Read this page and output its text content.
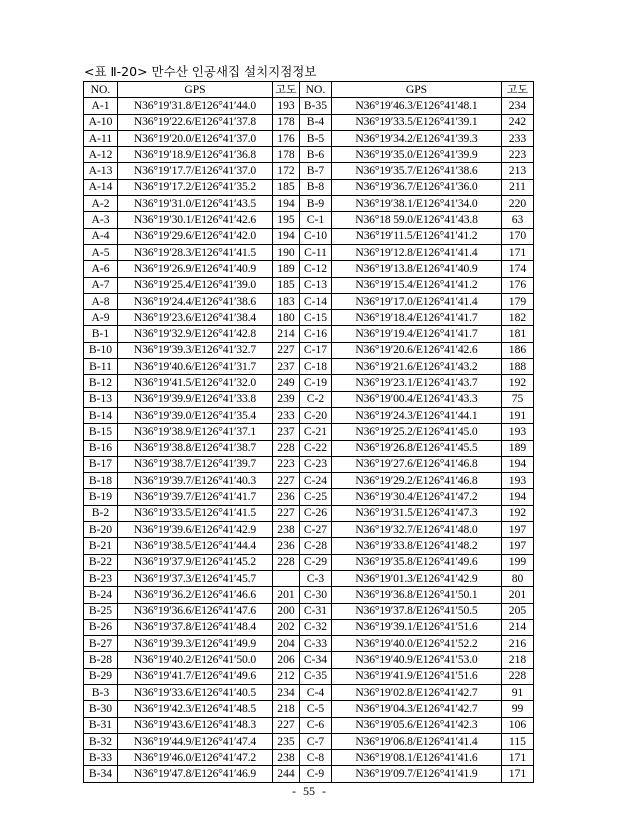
<표 Ⅱ-20> 만수산 인공새집 설치지점정보
NO.	GPS	고도	NO.	GPS	고도
A-1	N36°19′31.8/E126°41′44.0	193	B-35	N36°19′46.3/E126°41′48.1	234
A-10	N36°19′22.6/E126°41′37.8	178	B-4	N36°19′33.5/E126°41′39.1	242
A-11	N36°19′20.0/E126°41′37.0	176	B-5	N36°19′34.2/E126°41′39.3	233
A-12	N36°19′18.9/E126°41′36.8	178	B-6	N36°19′35.0/E126°41′39.9	223
A-13	N36°19′17.7/E126°41′37.0	172	B-7	N36°19′35.7/E126°41′38.6	213
A-14	N36°19′17.2/E126°41′35.2	185	B-8	N36°19′36.7/E126°41′36.0	211
A-2	N36°19′31.0/E126°41′43.5	194	B-9	N36°19′38.1/E126°41′34.0	220
A-3	N36°19′30.1/E126°41′42.6	195	C-1	N36°18 59.0/E126°41′43.8	63
A-4	N36°19′29.6/E126°41′42.0	194	C-10	N36°19′11.5/E126°41′41.2	170
A-5	N36°19′28.3/E126°41′41.5	190	C-11	N36°19′12.8/E126°41′41.4	171
A-6	N36°19′26.9/E126°41′40.9	189	C-12	N36°19′13.8/E126°41′40.9	174
A-7	N36°19′25.4/E126°41′39.0	185	C-13	N36°19′15.4/E126°41′41.2	176
A-8	N36°19′24.4/E126°41′38.6	183	C-14	N36°19′17.0/E126°41′41.4	179
A-9	N36°19′23.6/E126°41′38.4	180	C-15	N36°19′18.4/E126°41′41.7	182
B-1	N36°19′32.9/E126°41′42.8	214	C-16	N36°19′19.4/E126°41′41.7	181
B-10	N36°19′39.3/E126°41′32.7	227	C-17	N36°19′20.6/E126°41′42.6	186
B-11	N36°19′40.6/E126°41′31.7	237	C-18	N36°19′21.6/E126°41′43.2	188
B-12	N36°19′41.5/E126°41′32.0	249	C-19	N36°19′23.1/E126°41′43.7	192
B-13	N36°19′39.9/E126°41′33.8	239	C-2	N36°19′00.4/E126°41′43.3	75
B-14	N36°19′39.0/E126°41′35.4	233	C-20	N36°19′24.3/E126°41′44.1	191
B-15	N36°19′38.9/E126°41′37.1	237	C-21	N36°19′25.2/E126°41′45.0	193
B-16	N36°19′38.8/E126°41′38.7	228	C-22	N36°19′26.8/E126°41′45.5	189
B-17	N36°19′38.7/E126°41′39.7	223	C-23	N36°19′27.6/E126°41′46.8	194
B-18	N36°19′39.7/E126°41′40.3	227	C-24	N36°19′29.2/E126°41′46.8	193
B-19	N36°19′39.7/E126°41′41.7	236	C-25	N36°19′30.4/E126°41′47.2	194
B-2	N36°19′33.5/E126°41′41.5	227	C-26	N36°19′31.5/E126°41′47.3	192
B-20	N36°19′39.6/E126°41′42.9	238	C-27	N36°19′32.7/E126°41′48.0	197
B-21	N36°19′38.5/E126°41′44.4	236	C-28	N36°19′33.8/E126°41′48.2	197
B-22	N36°19′37.9/E126°41′45.2	228	C-29	N36°19′35.8/E126°41′49.6	199
B-23	N36°19′37.3/E126°41′45.7		C-3	N36°19′01.3/E126°41′42.9	80
B-24	N36°19′36.2/E126°41′46.6	201	C-30	N36°19′36.8/E126°41′50.1	201
B-25	N36°19′36.6/E126°41′47.6	200	C-31	N36°19′37.8/E126°41′50.5	205
B-26	N36°19′37.8/E126°41′48.4	202	C-32	N36°19′39.1/E126°41′51.6	214
B-27	N36°19′39.3/E126°41′49.9	204	C-33	N36°19′40.0/E126°41′52.2	216
B-28	N36°19′40.2/E126°41′50.0	206	C-34	N36°19′40.9/E126°41′53.0	218
B-29	N36°19′41.7/E126°41′49.6	212	C-35	N36°19′41.9/E126°41′51.6	228
B-3	N36°19′33.6/E126°41′40.5	234	C-4	N36°19′02.8/E126°41′42.7	91
B-30	N36°19′42.3/E126°41′48.5	218	C-5	N36°19′04.3/E126°41′42.7	99
B-31	N36°19′43.6/E126°41′48.3	227	C-6	N36°19′05.6/E126°41′42.3	106
B-32	N36°19′44.9/E126°41′47.4	235	C-7	N36°19′06.8/E126°41′41.4	115
B-33	N36°19′46.0/E126°41′47.2	238	C-8	N36°19′08.1/E126°41′41.6	171
B-34	N36°19′47.8/E126°41′46.9	244	C-9	N36°19′09.7/E126°41′41.9	171
- 55 -
